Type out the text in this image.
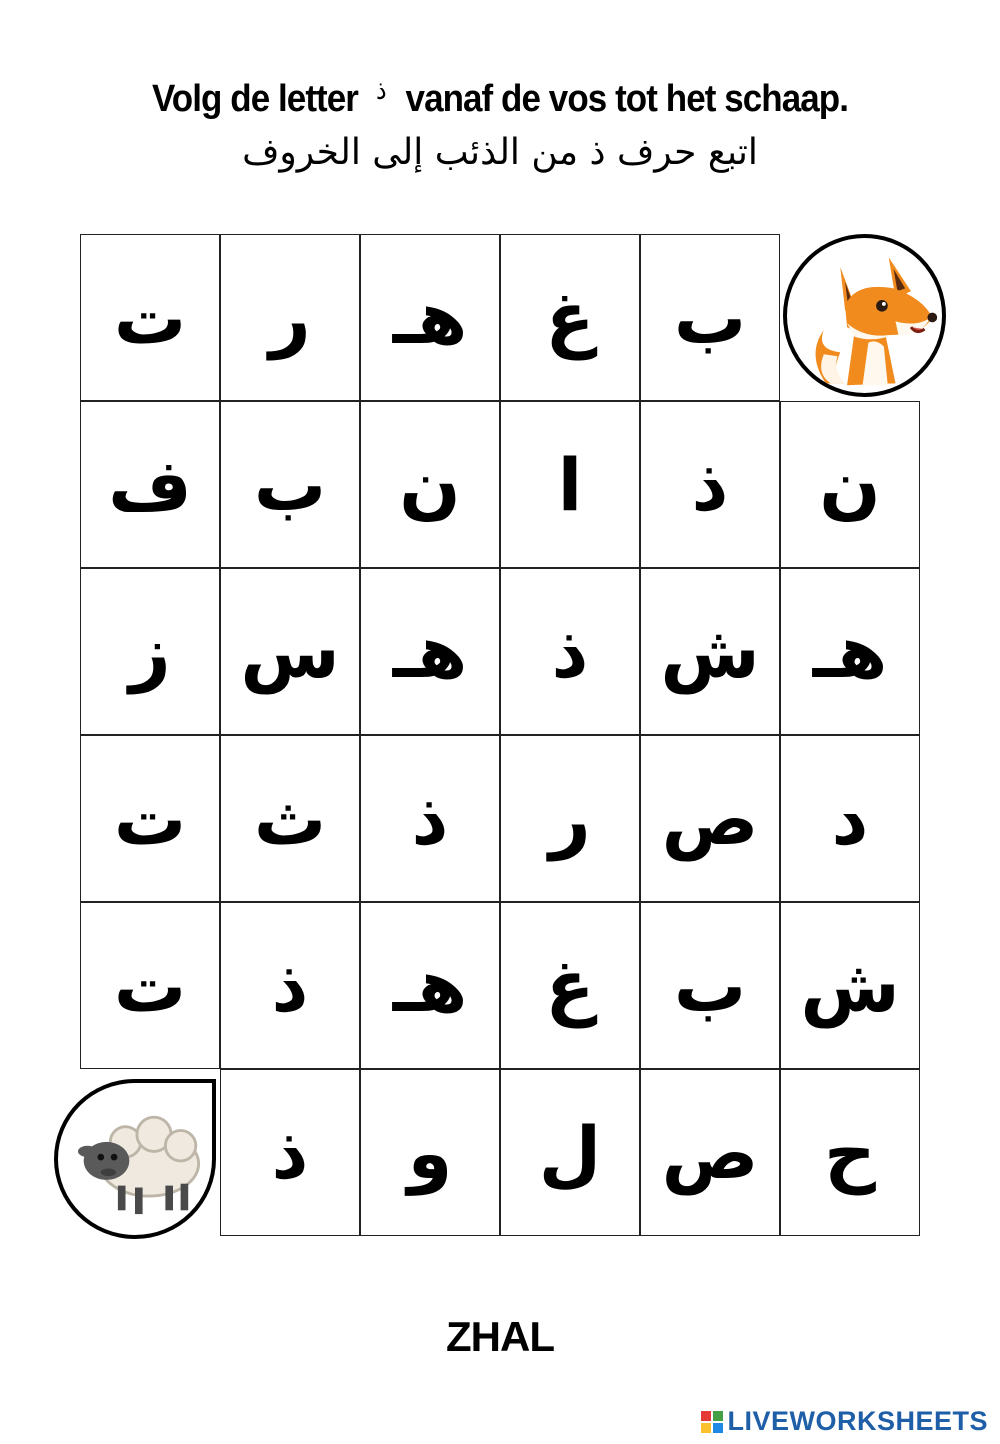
Volg de letter $^ذ$ vanaf de vos tot het schaap.
اتبع حرف ذ من الذئب إلى الخروف
ت ر هـ غ ب
ف ب ن ا ذ ن
ز س هـ ذ ش هـ
ت ث ذ ر ص د
ت ذ هـ غ ب ش
ذ و ل ص ح
ZHAL
LIVEWORKSHEETS
